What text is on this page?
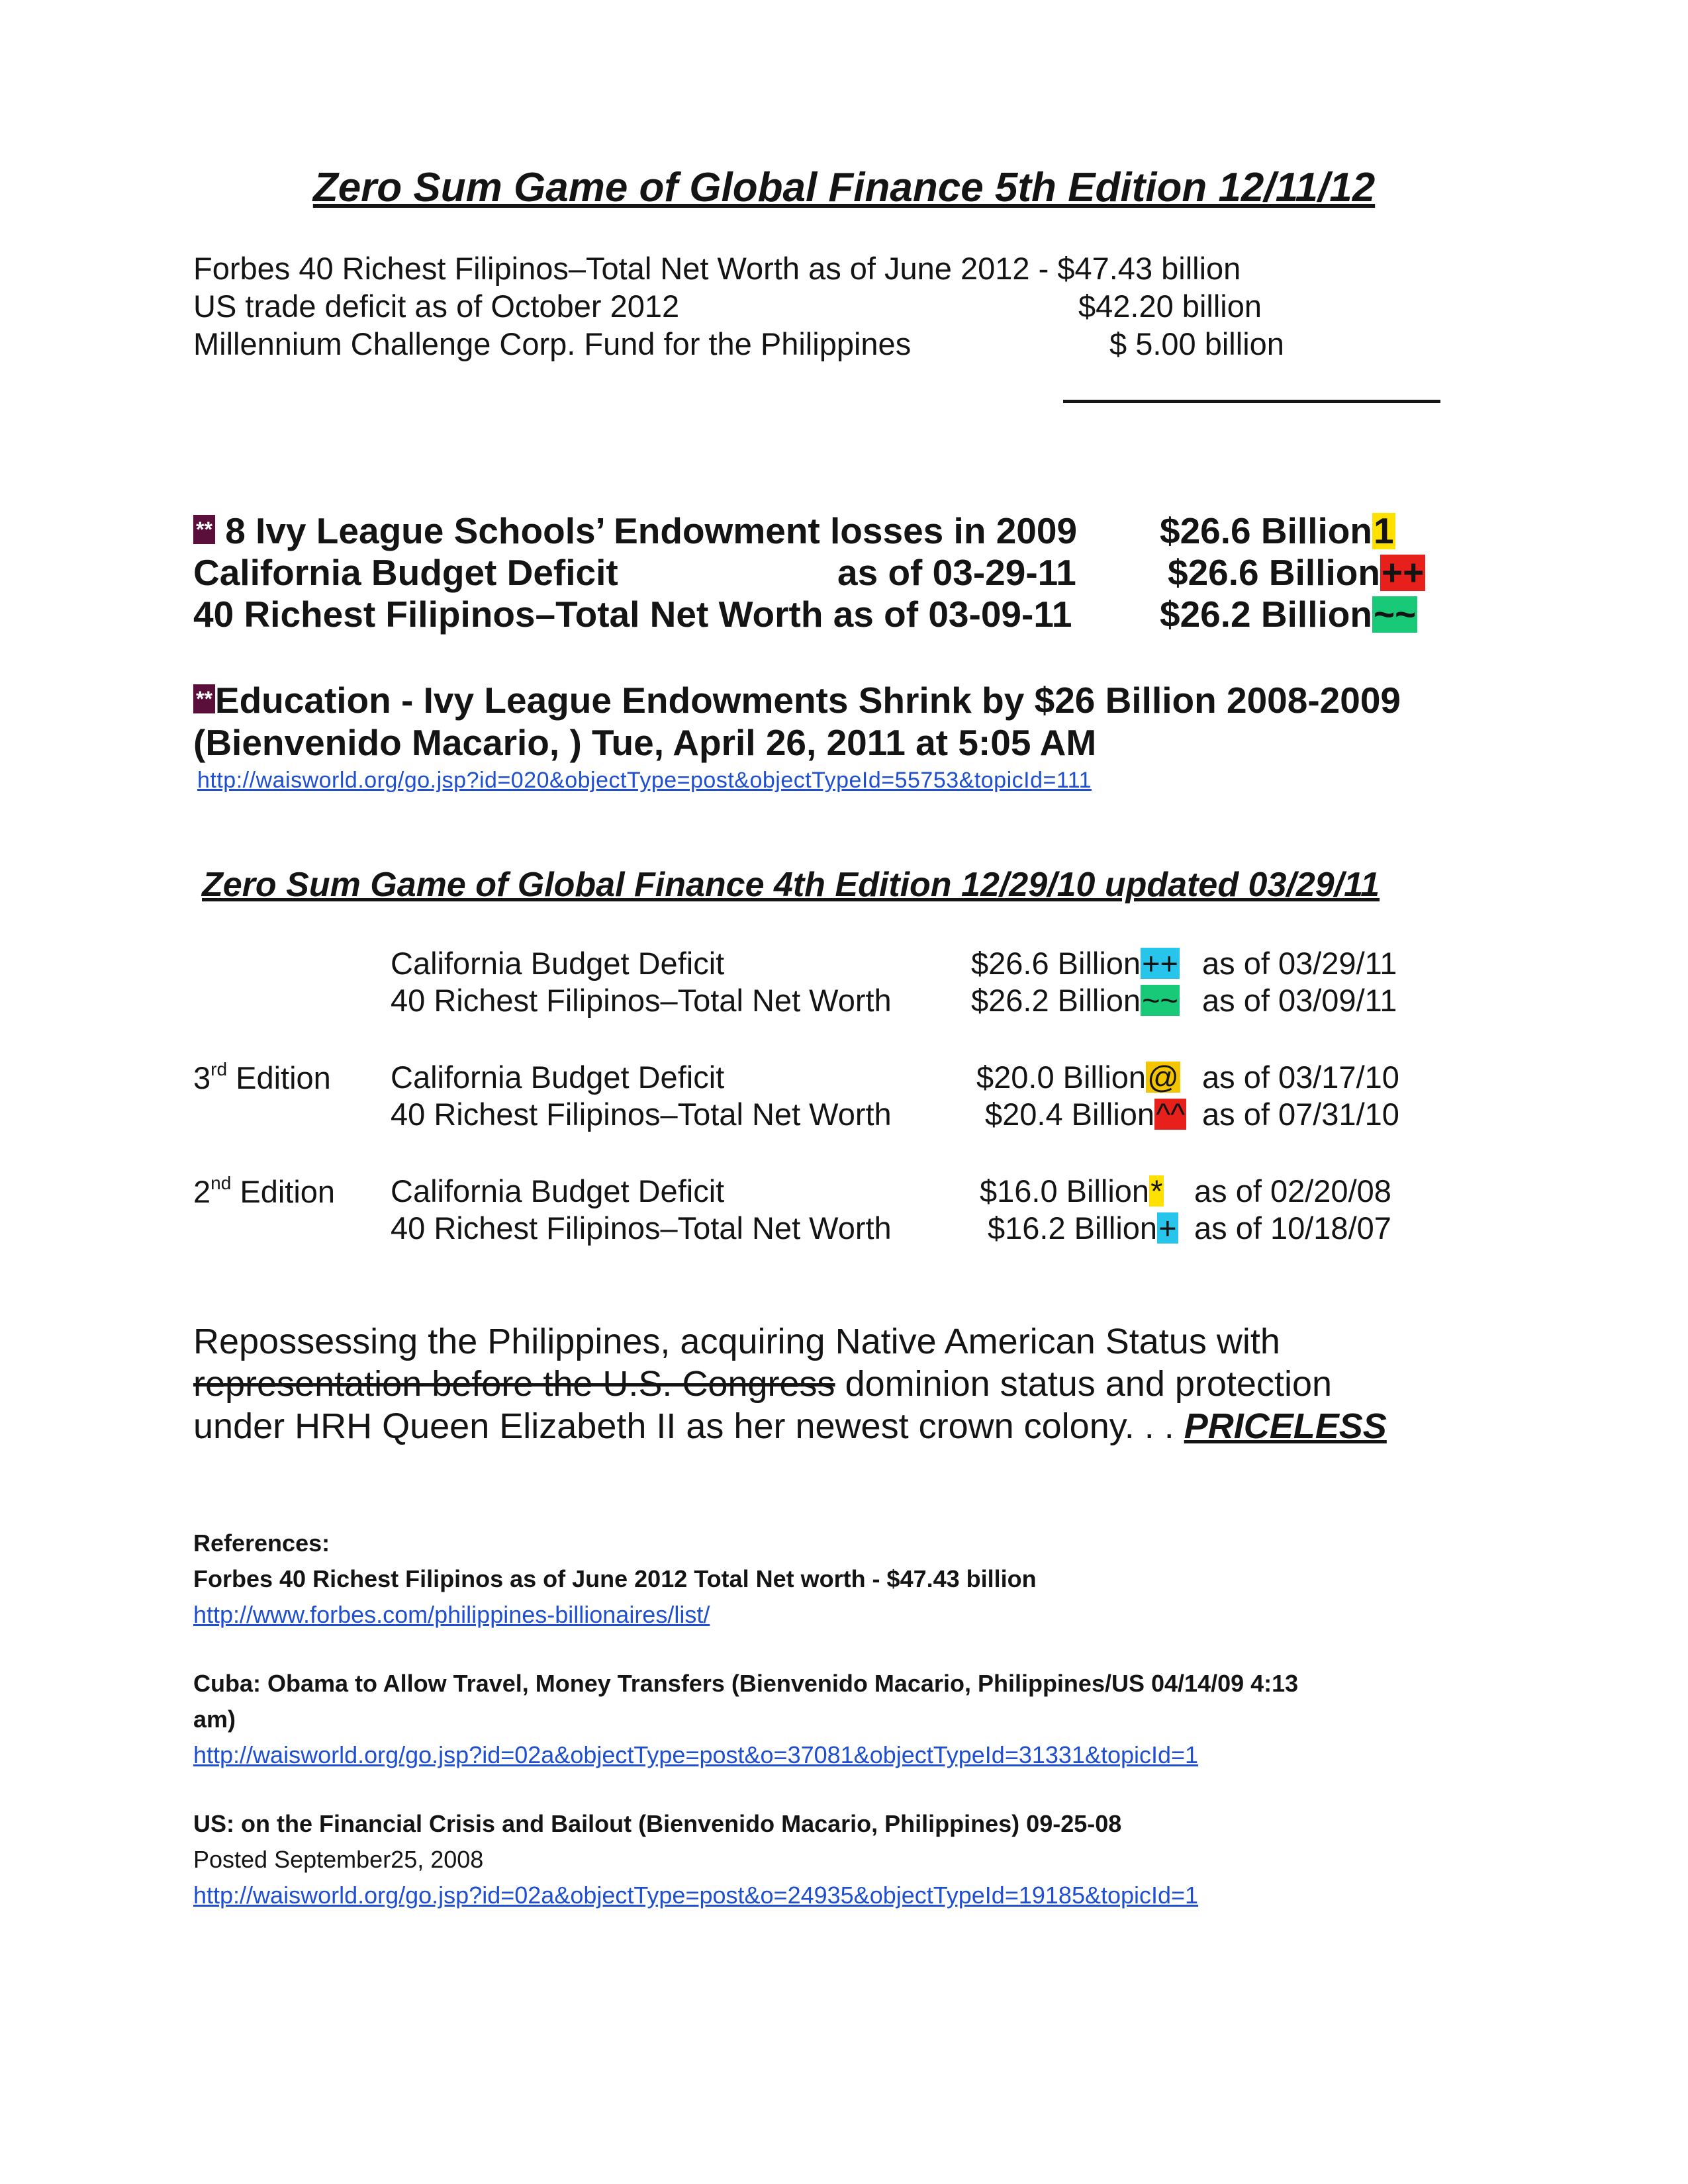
Zero Sum Game of Global Finance 5th Edition 12/11/12
Forbes 40 Richest Filipinos–Total Net Worth as of June 2012 - $47.43 billion
US trade deficit as of October 2012	$42.20 billion
Millennium Challenge Corp. Fund for the Philippines	$ 5.00 billion
** 8 Ivy League Schools’ Endowment losses in 2009 $26.6 Billion1
California Budget Deficit	as of 03-29-11	$26.6 Billion++
40 Richest Filipinos–Total Net Worth as of 03-09-11 $26.2 Billion~~
**Education - Ivy League Endowments Shrink by $26 Billion 2008-2009
(Bienvenido Macario, ) Tue, April 26, 2011 at 5:05 AM
http://waisworld.org/go.jsp?id=020&objectType=post&objectTypeId=55753&topicId=111
Zero Sum Game of Global Finance 4th Edition 12/29/10 updated 03/29/11
California Budget Deficit	$26.6 Billion++ as of 03/29/11
40 Richest Filipinos–Total Net Worth	$26.2 Billion~~ as of 03/09/11
3rd Edition California Budget Deficit	$20.0 Billion@ as of 03/17/10
40 Richest Filipinos–Total Net Worth	$20.4 Billion^^ as of 07/31/10
2nd Edition California Budget Deficit	$16.0 Billion* as of 02/20/08
40 Richest Filipinos–Total Net Worth	$16.2 Billion+ as of 10/18/07
Repossessing the Philippines, acquiring Native American Status with
representation before the U.S. Congress dominion status and protection
under HRH Queen Elizabeth II as her newest crown colony. . . PRICELESS
References:
Forbes 40 Richest Filipinos as of June 2012 Total Net worth - $47.43 billion
http://www.forbes.com/philippines-billionaires/list/
Cuba: Obama to Allow Travel, Money Transfers (Bienvenido Macario, Philippines/US 04/14/09 4:13
am)
http://waisworld.org/go.jsp?id=02a&objectType=post&o=37081&objectTypeId=31331&topicId=1
US: on the Financial Crisis and Bailout (Bienvenido Macario, Philippines) 09-25-08
Posted September25, 2008
http://waisworld.org/go.jsp?id=02a&objectType=post&o=24935&objectTypeId=19185&topicId=1
